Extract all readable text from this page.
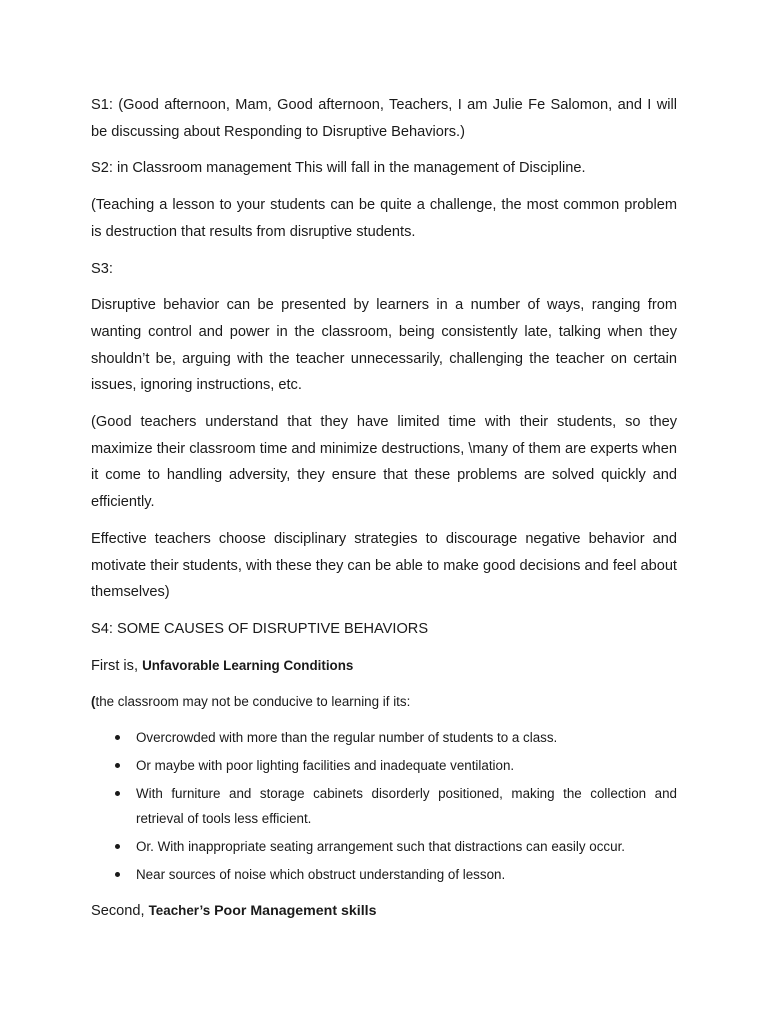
S1: (Good afternoon, Mam, Good afternoon, Teachers, I am Julie Fe Salomon, and I will be discussing about Responding to Disruptive Behaviors.)

S2: in Classroom management This will fall in the management of Discipline.

(Teaching a lesson to your students can be quite a challenge, the most common problem is destruction that results from disruptive students.

S3:

Disruptive behavior can be presented by learners in a number of ways, ranging from wanting control and power in the classroom, being consistently late, talking when they shouldn’t be, arguing with the teacher unnecessarily, challenging the teacher on certain issues, ignoring instructions, etc.

(Good teachers understand that they have limited time with their students, so they maximize their classroom time and minimize destructions, \many of them are experts when it come to handling adversity, they ensure that these problems are solved quickly and efficiently.

Effective teachers choose disciplinary strategies to discourage negative behavior and motivate their students, with these they can be able to make good decisions and feel about themselves)

S4: SOME CAUSES OF DISRUPTIVE BEHAVIORS

First is, Unfavorable Learning Conditions

(the classroom may not be conducive to learning if its:

Overcrowded with more than the regular number of students to a class.
Or maybe with poor lighting facilities and inadequate ventilation.
With furniture and storage cabinets disorderly positioned, making the collection and retrieval of tools less efficient.
Or. With inappropriate seating arrangement such that distractions can easily occur.
Near sources of noise which obstruct understanding of lesson.

Second, Teacher’s Poor Management skills
